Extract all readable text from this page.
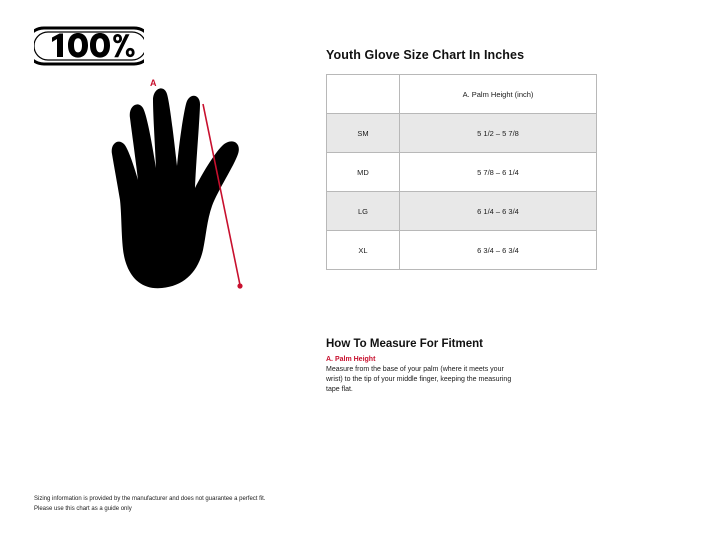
A
Youth Glove Size Chart In Inches
	A. Palm Height (inch)
SM	5 1/2 – 5 7/8
MD	5 7/8 – 6 1/4
LG	6 1/4 – 6 3/4
XL	6 3/4 – 6 3/4
How To Measure For Fitment

A. Palm Height

Measure from the base of your palm (where it meets your wrist) to the tip of your middle finger, keeping the measuring tape flat.

Sizing information is provided by the manufacturer and does not guarantee a perfect fit.

Please use this chart as a guide only
